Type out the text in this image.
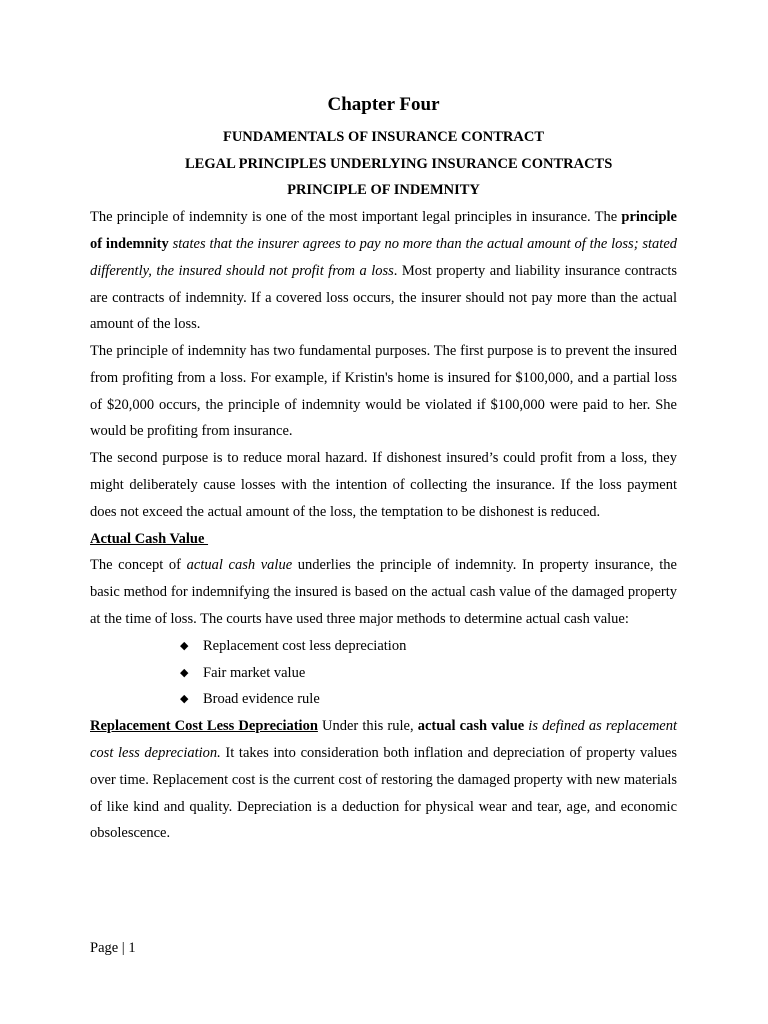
Chapter Four
FUNDAMENTALS OF INSURANCE CONTRACT
LEGAL PRINCIPLES UNDERLYING INSURANCE CONTRACTS
PRINCIPLE OF INDEMNITY

The principle of indemnity is one of the most important legal principles in insurance. The principle of indemnity states that the insurer agrees to pay no more than the actual amount of the loss; stated differently, the insured should not profit from a loss. Most property and liability insurance contracts are contracts of indemnity. If a covered loss occurs, the insurer should not pay more than the actual amount of the loss.

The principle of indemnity has two fundamental purposes. The first purpose is to prevent the insured from profiting from a loss. For example, if Kristin's home is insured for $100,000, and a partial loss of $20,000 occurs, the principle of indemnity would be violated if $100,000 were paid to her. She would be profiting from insurance.

The second purpose is to reduce moral hazard. If dishonest insured’s could profit from a loss, they might deliberately cause losses with the intention of collecting the insurance. If the loss payment does not exceed the actual amount of the loss, the temptation to be dishonest is reduced.

Actual Cash Value

The concept of actual cash value underlies the principle of indemnity. In property insurance, the basic method for indemnifying the insured is based on the actual cash value of the damaged property at the time of loss. The courts have used three major methods to determine actual cash value:

◆ Replacement cost less depreciation
◆ Fair market value
◆ Broad evidence rule

Replacement Cost Less Depreciation Under this rule, actual cash value is defined as replacement cost less depreciation. It takes into consideration both inflation and depreciation of property values over time. Replacement cost is the current cost of restoring the damaged property with new materials of like kind and quality. Depreciation is a deduction for physical wear and tear, age, and economic obsolescence.

Page | 1
